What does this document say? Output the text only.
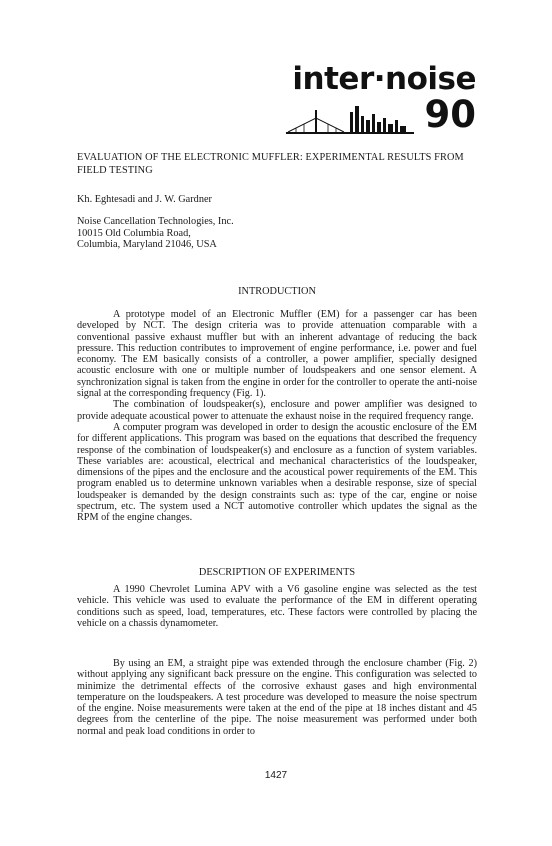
inter·noise
90
EVALUATION OF THE ELECTRONIC MUFFLER: EXPERIMENTAL RESULTS FROM FIELD TESTING
Kh. Eghtesadi and J. W. Gardner
Noise Cancellation Technologies, Inc.
10015 Old Columbia Road,
Columbia, Maryland 21046, USA
INTRODUCTION

A prototype model of an Electronic Muffler (EM) for a passenger car has been developed by NCT. The design criteria was to provide attenuation comparable with a conventional passive exhaust muffler but with an inherent advantage of reducing the back pressure. This reduction contributes to improvement of engine performance, i.e. power and fuel economy. The EM basically consists of a controller, a power amplifier, specially designed acoustic enclosure with one or multiple number of loudspeakers and one sensor element. A synchronization signal is taken from the engine in order for the controller to operate the anti-noise signal at the corresponding frequency (Fig. 1).

The combination of loudspeaker(s), enclosure and power amplifier was designed to provide adequate acoustical power to attenuate the exhaust noise in the required frequency range.

A computer program was developed in order to design the acoustic enclosure of the EM for different applications. This program was based on the equations that described the frequency response of the combination of loudspeaker(s) and enclosure as a function of system variables. These variables are: acoustical, electrical and mechanical characteristics of the loudspeaker, dimensions of the pipes and the enclosure and the acoustical power requirements of the EM. This program enabled us to determine unknown variables when a desirable response, size of special loudspeaker is demanded by the design constraints such as: type of the car, engine or noise spectrum, etc. The system used a NCT automotive controller which updates the signal as the RPM of the engine changes.

DESCRIPTION OF EXPERIMENTS

A 1990 Chevrolet Lumina APV with a V6 gasoline engine was selected as the test vehicle. This vehicle was used to evaluate the performance of the EM in different operating conditions such as speed, load, temperatures, etc. These factors were controlled by placing the vehicle on a chassis dynamometer.

By using an EM, a straight pipe was extended through the enclosure chamber (Fig. 2) without applying any significant back pressure on the engine. This configuration was selected to minimize the detrimental effects of the corrosive exhaust gases and high environmental temperature on the loudspeakers. A test procedure was developed to measure the noise spectrum of the engine. Noise measurements were taken at the end of the pipe at 18 inches distant and 45 degrees from the centerline of the pipe. The noise measurement was performed under both normal and peak load conditions in order to

1427
